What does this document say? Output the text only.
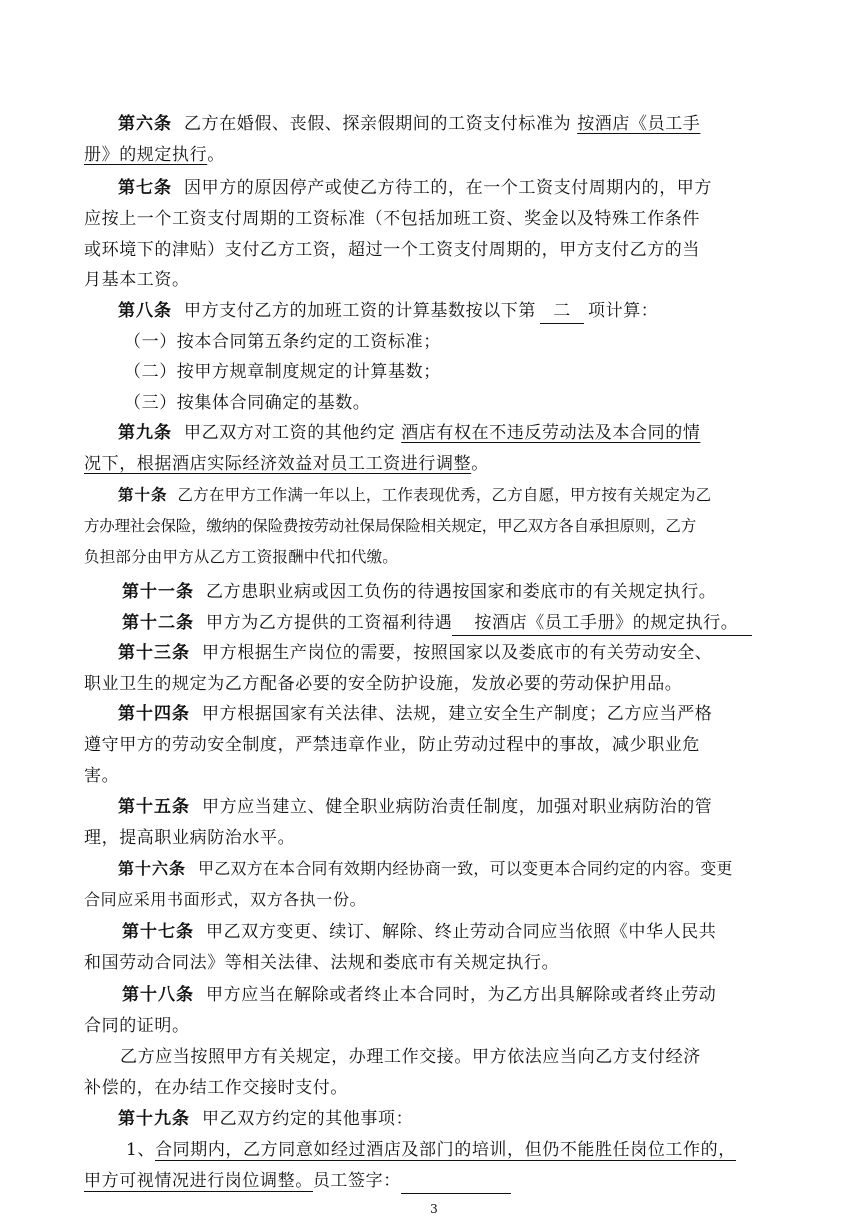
第六条 乙方在婚假、丧假、探亲假期间的工资支付标准为 按酒店《员工手
册》的规定执行。
第七条 因甲方的原因停产或使乙方待工的，在一个工资支付周期内的，甲方
应按上一个工资支付周期的工资标准（不包括加班工资、奖金以及特殊工作条件
或环境下的津贴）支付乙方工资，超过一个工资支付周期的，甲方支付乙方的当
月基本工资。
第八条 甲方支付乙方的加班工资的计算基数按以下第 二 项计算：
（一）按本合同第五条约定的工资标准；
（二）按甲方规章制度规定的计算基数；
（三）按集体合同确定的基数。
第九条 甲乙双方对工资的其他约定 酒店有权在不违反劳动法及本合同的情
况下，根据酒店实际经济效益对员工工资进行调整。
第十条 乙方在甲方工作满一年以上，工作表现优秀，乙方自愿，甲方按有关规定为乙
方办理社会保险，缴纳的保险费按劳动社保局保险相关规定，甲乙双方各自承担原则，乙方
负担部分由甲方从乙方工资报酬中代扣代缴。
第十一条 乙方患职业病或因工负伤的待遇按国家和娄底市的有关规定执行。
第十二条 甲方为乙方提供的工资福利待遇 按酒店《员工手册》的规定执行。
第十三条 甲方根据生产岗位的需要，按照国家以及娄底市的有关劳动安全、
职业卫生的规定为乙方配备必要的安全防护设施，发放必要的劳动保护用品。
第十四条 甲方根据国家有关法律、法规，建立安全生产制度；乙方应当严格
遵守甲方的劳动安全制度，严禁违章作业，防止劳动过程中的事故，减少职业危
害。
第十五条 甲方应当建立、健全职业病防治责任制度，加强对职业病防治的管
理，提高职业病防治水平。
第十六条 甲乙双方在本合同有效期内经协商一致，可以变更本合同约定的内容。变更
合同应采用书面形式，双方各执一份。
第十七条 甲乙双方变更、续订、解除、终止劳动合同应当依照《中华人民共
和国劳动合同法》等相关法律、法规和娄底市有关规定执行。
第十八条 甲方应当在解除或者终止本合同时，为乙方出具解除或者终止劳动
合同的证明。
乙方应当按照甲方有关规定，办理工作交接。甲方依法应当向乙方支付经济
补偿的，在办结工作交接时支付。
第十九条 甲乙双方约定的其他事项：
1、合同期内，乙方同意如经过酒店及部门的培训，但仍不能胜任岗位工作的，
甲方可视情况进行岗位调整。员工签字：
3
